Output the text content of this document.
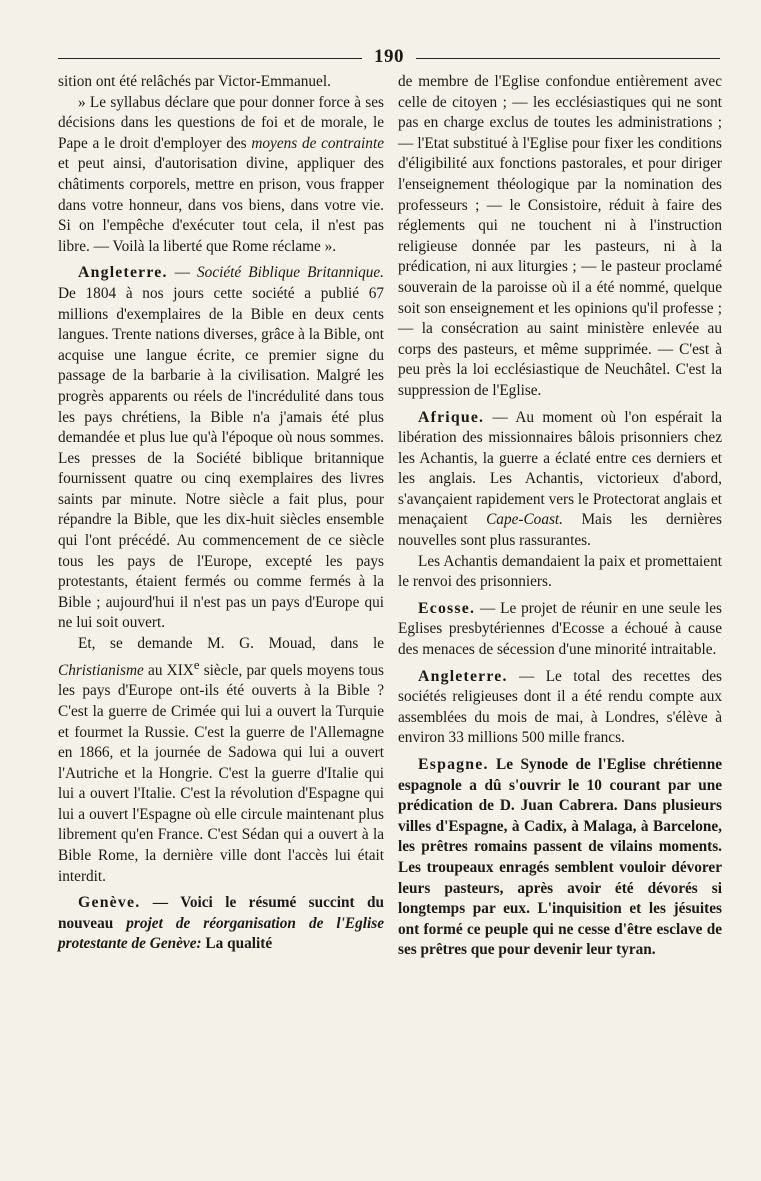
190

sition ont été relâchés par Victor-Emmanuel.

» Le syllabus déclare que pour donner force à ses décisions dans les questions de foi et de morale, le Pape a le droit d'employer des moyens de contrainte et peut ainsi, d'autorisation divine, appliquer des châtiments corporels, mettre en prison, vous frapper dans votre honneur, dans vos biens, dans votre vie. Si on l'empêche d'exécuter tout cela, il n'est pas libre. — Voilà la liberté que Rome réclame ».

Angleterre. — Société Biblique Britannique. De 1804 à nos jours cette société a publié 67 millions d'exemplaires de la Bible en deux cents langues. Trente nations diverses, grâce à la Bible, ont acquise une langue écrite, ce premier signe du passage de la barbarie à la civilisation. Malgré les progrès apparents ou réels de l'incrédulité dans tous les pays chrétiens, la Bible n'a j'amais été plus demandée et plus lue qu'à l'époque où nous sommes. Les presses de la Société biblique britannique fournissent quatre ou cinq exemplaires des livres saints par minute. Notre siècle a fait plus, pour répandre la Bible, que les dix-huit siècles ensemble qui l'ont précédé. Au commencement de ce siècle tous les pays de l'Europe, excepté les pays protestants, étaient fermés ou comme fermés à la Bible ; aujourd'hui il n'est pas un pays d'Europe qui ne lui soit ouvert.

Et, se demande M. G. Mouad, dans le Christianisme au XIXe siècle, par quels moyens tous les pays d'Europe ont-ils été ouverts à la Bible ? C'est la guerre de Crimée qui lui a ouvert la Turquie et fourmet la Russie. C'est la guerre de l'Allemagne en 1866, et la journée de Sadowa qui lui a ouvert l'Autriche et la Hongrie. C'est la guerre d'Italie qui lui a ouvert l'Italie. C'est la révolution d'Espagne qui lui a ouvert l'Espagne où elle circule maintenant plus librement qu'en France. C'est Sédan qui a ouvert à la Bible Rome, la dernière ville dont l'accès lui était interdit.

Genève. — Voici le résumé succint du nouveau projet de réorganisation de l'Eglise protestante de Genève: La qualité

de membre de l'Eglise confondue entièrement avec celle de citoyen ; — les ecclésiastiques qui ne sont pas en charge exclus de toutes les administrations ; — l'Etat substitué à l'Eglise pour fixer les conditions d'éligibilité aux fonctions pastorales, et pour diriger l'enseignement théologique par la nomination des professeurs ; — le Consistoire, réduit à faire des réglements qui ne touchent ni à l'instruction religieuse donnée par les pasteurs, ni à la prédication, ni aux liturgies ; — le pasteur proclamé souverain de la paroisse où il a été nommé, quelque soit son enseignement et les opinions qu'il professe ; — la consécration au saint ministère enlevée au corps des pasteurs, et même supprimée. — C'est à peu près la loi ecclésiastique de Neuchâtel. C'est la suppression de l'Eglise.

Afrique. — Au moment où l'on espérait la libération des missionnaires bâlois prisonniers chez les Achantis, la guerre a éclaté entre ces derniers et les anglais. Les Achantis, victorieux d'abord, s'avançaient rapidement vers le Protectorat anglais et menaçaient Cape-Coast. Mais les dernières nouvelles sont plus rassurantes.

Les Achantis demandaient la paix et promettaient le renvoi des prisonniers.

Ecosse. — Le projet de réunir en une seule les Eglises presbytériennes d'Ecosse a échoué à cause des menaces de sécession d'une minorité intraitable.

Angleterre. — Le total des recettes des sociétés religieuses dont il a été rendu compte aux assemblées du mois de mai, à Londres, s'élève à environ 33 millions 500 mille francs.

Espagne. Le Synode de l'Eglise chrétienne espagnole a dû s'ouvrir le 10 courant par une prédication de D. Juan Cabrera. Dans plusieurs villes d'Espagne, à Cadix, à Malaga, à Barcelone, les prêtres romains passent de vilains moments. Les troupeaux enragés semblent vouloir dévorer leurs pasteurs, après avoir été dévorés si longtemps par eux. L'inquisition et les jésuites ont formé ce peuple qui ne cesse d'être esclave de ses prêtres que pour devenir leur tyran.
